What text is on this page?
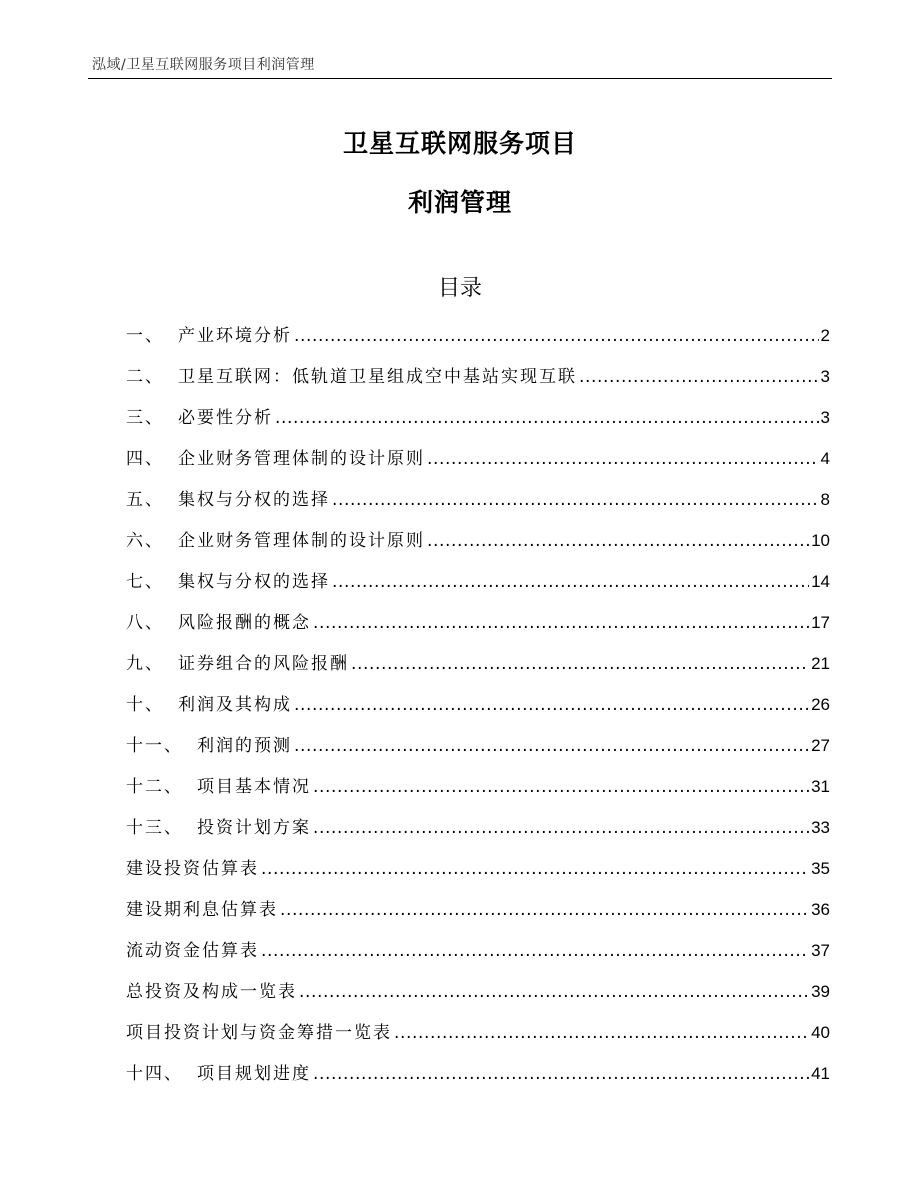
泓域/卫星互联网服务项目利润管理
卫星互联网服务项目
利润管理
目录
一、 产业环境分析 .....	2
二、 卫星互联网：低轨道卫星组成空中基站实现互联 .....	3
三、 必要性分析 .....	3
四、 企业财务管理体制的设计原则 .....	4
五、 集权与分权的选择 .....	8
六、 企业财务管理体制的设计原则 .....	10
七、 集权与分权的选择 .....	14
八、 风险报酬的概念 .....	17
九、 证券组合的风险报酬 .....	21
十、 利润及其构成 .....	26
十一、 利润的预测 .....	27
十二、 项目基本情况 .....	31
十三、 投资计划方案 .....	33
建设投资估算表 .....	35
建设期利息估算表 .....	36
流动资金估算表 .....	37
总投资及构成一览表 .....	39
项目投资计划与资金筹措一览表 .....	40
十四、 项目规划进度 .....	41
